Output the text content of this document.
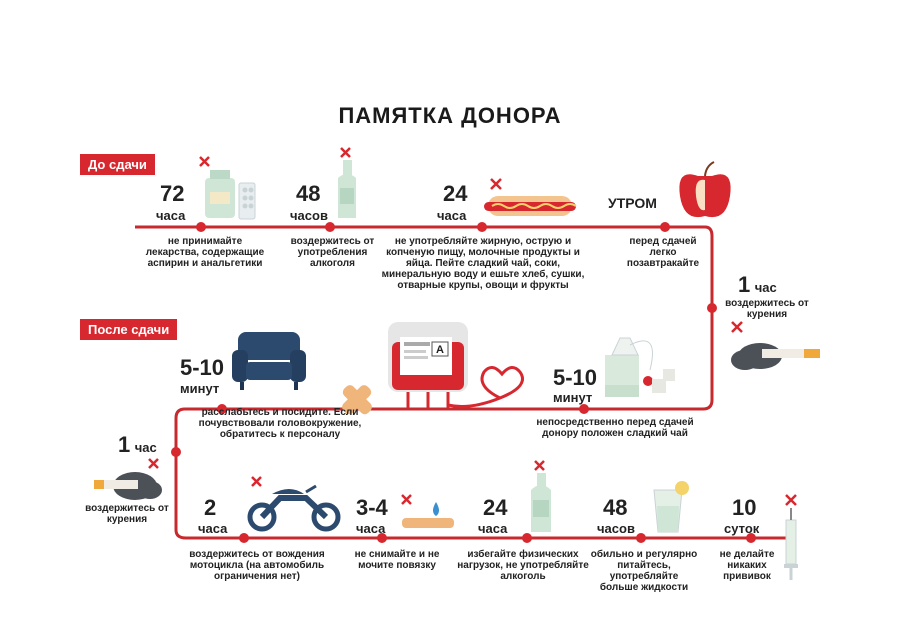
ПАМЯТКА ДОНОРА
До сдачи
После сдачи
A
72
часа
не принимайте лекарства, содержащие аспирин и анальгетики
48
часов
воздержитесь от употребления алкоголя
24
часа
не употребляйте жирную, острую и копченую пищу, молочные продукты и яйца. Пейте сладкий чай, соки, минеральную воду и ешьте хлеб, сушки, отварные крупы, овощи и фрукты
УТРОМ
перед сдачей легко позавтракайте
1 час
воздержитесь от курения
5-10
минут
непосредственно перед сдачей донору положен сладкий чай
5-10
минут
расслабьтесь и посидите. Если почувствовали головокружение, обратитесь к персоналу
1 час
воздержитесь от курения	2
часа
воздержитесь от вождения мотоцикла (на автомобиль ограничения нет)
3-4
часа
не снимайте и не мочите повязку
24
часа
избегайте физических нагрузок, не употребляйте алкоголь
48
часов
обильно и регулярно питайтесь, употребляйте больше жидкости
10
суток
не делайте никаких прививок
